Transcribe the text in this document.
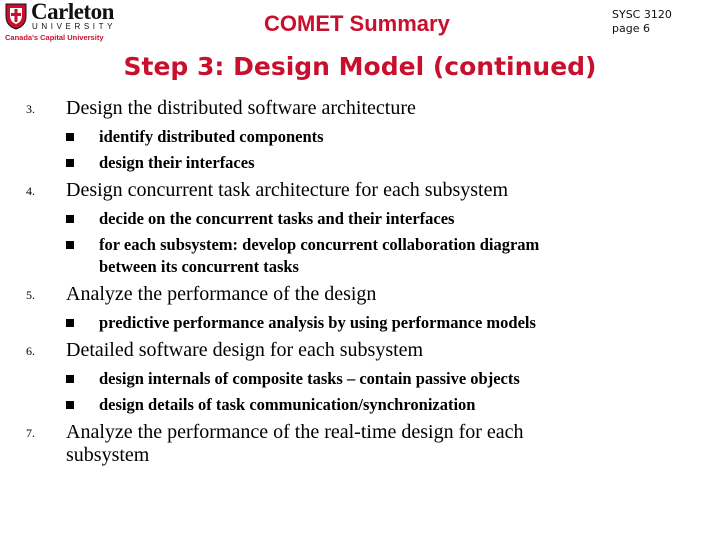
Carleton
UNIVERSITY
Canada's Capital University
COMET Summary	SYSC 3120
page 6
Step 3: Design Model (continued)
3. Design the distributed software architecture
identify distributed components
design their interfaces
4. Design concurrent task architecture for each subsystem
decide on the concurrent tasks and their interfaces
for each subsystem: develop concurrent collaboration diagram
between its concurrent tasks
5. Analyze the performance of the design
predictive performance analysis by using performance models
6. Detailed software design for each subsystem
design internals of composite tasks – contain passive objects
design details of task communication/synchronization
7. Analyze the performance of the real-time design for each
subsystem
